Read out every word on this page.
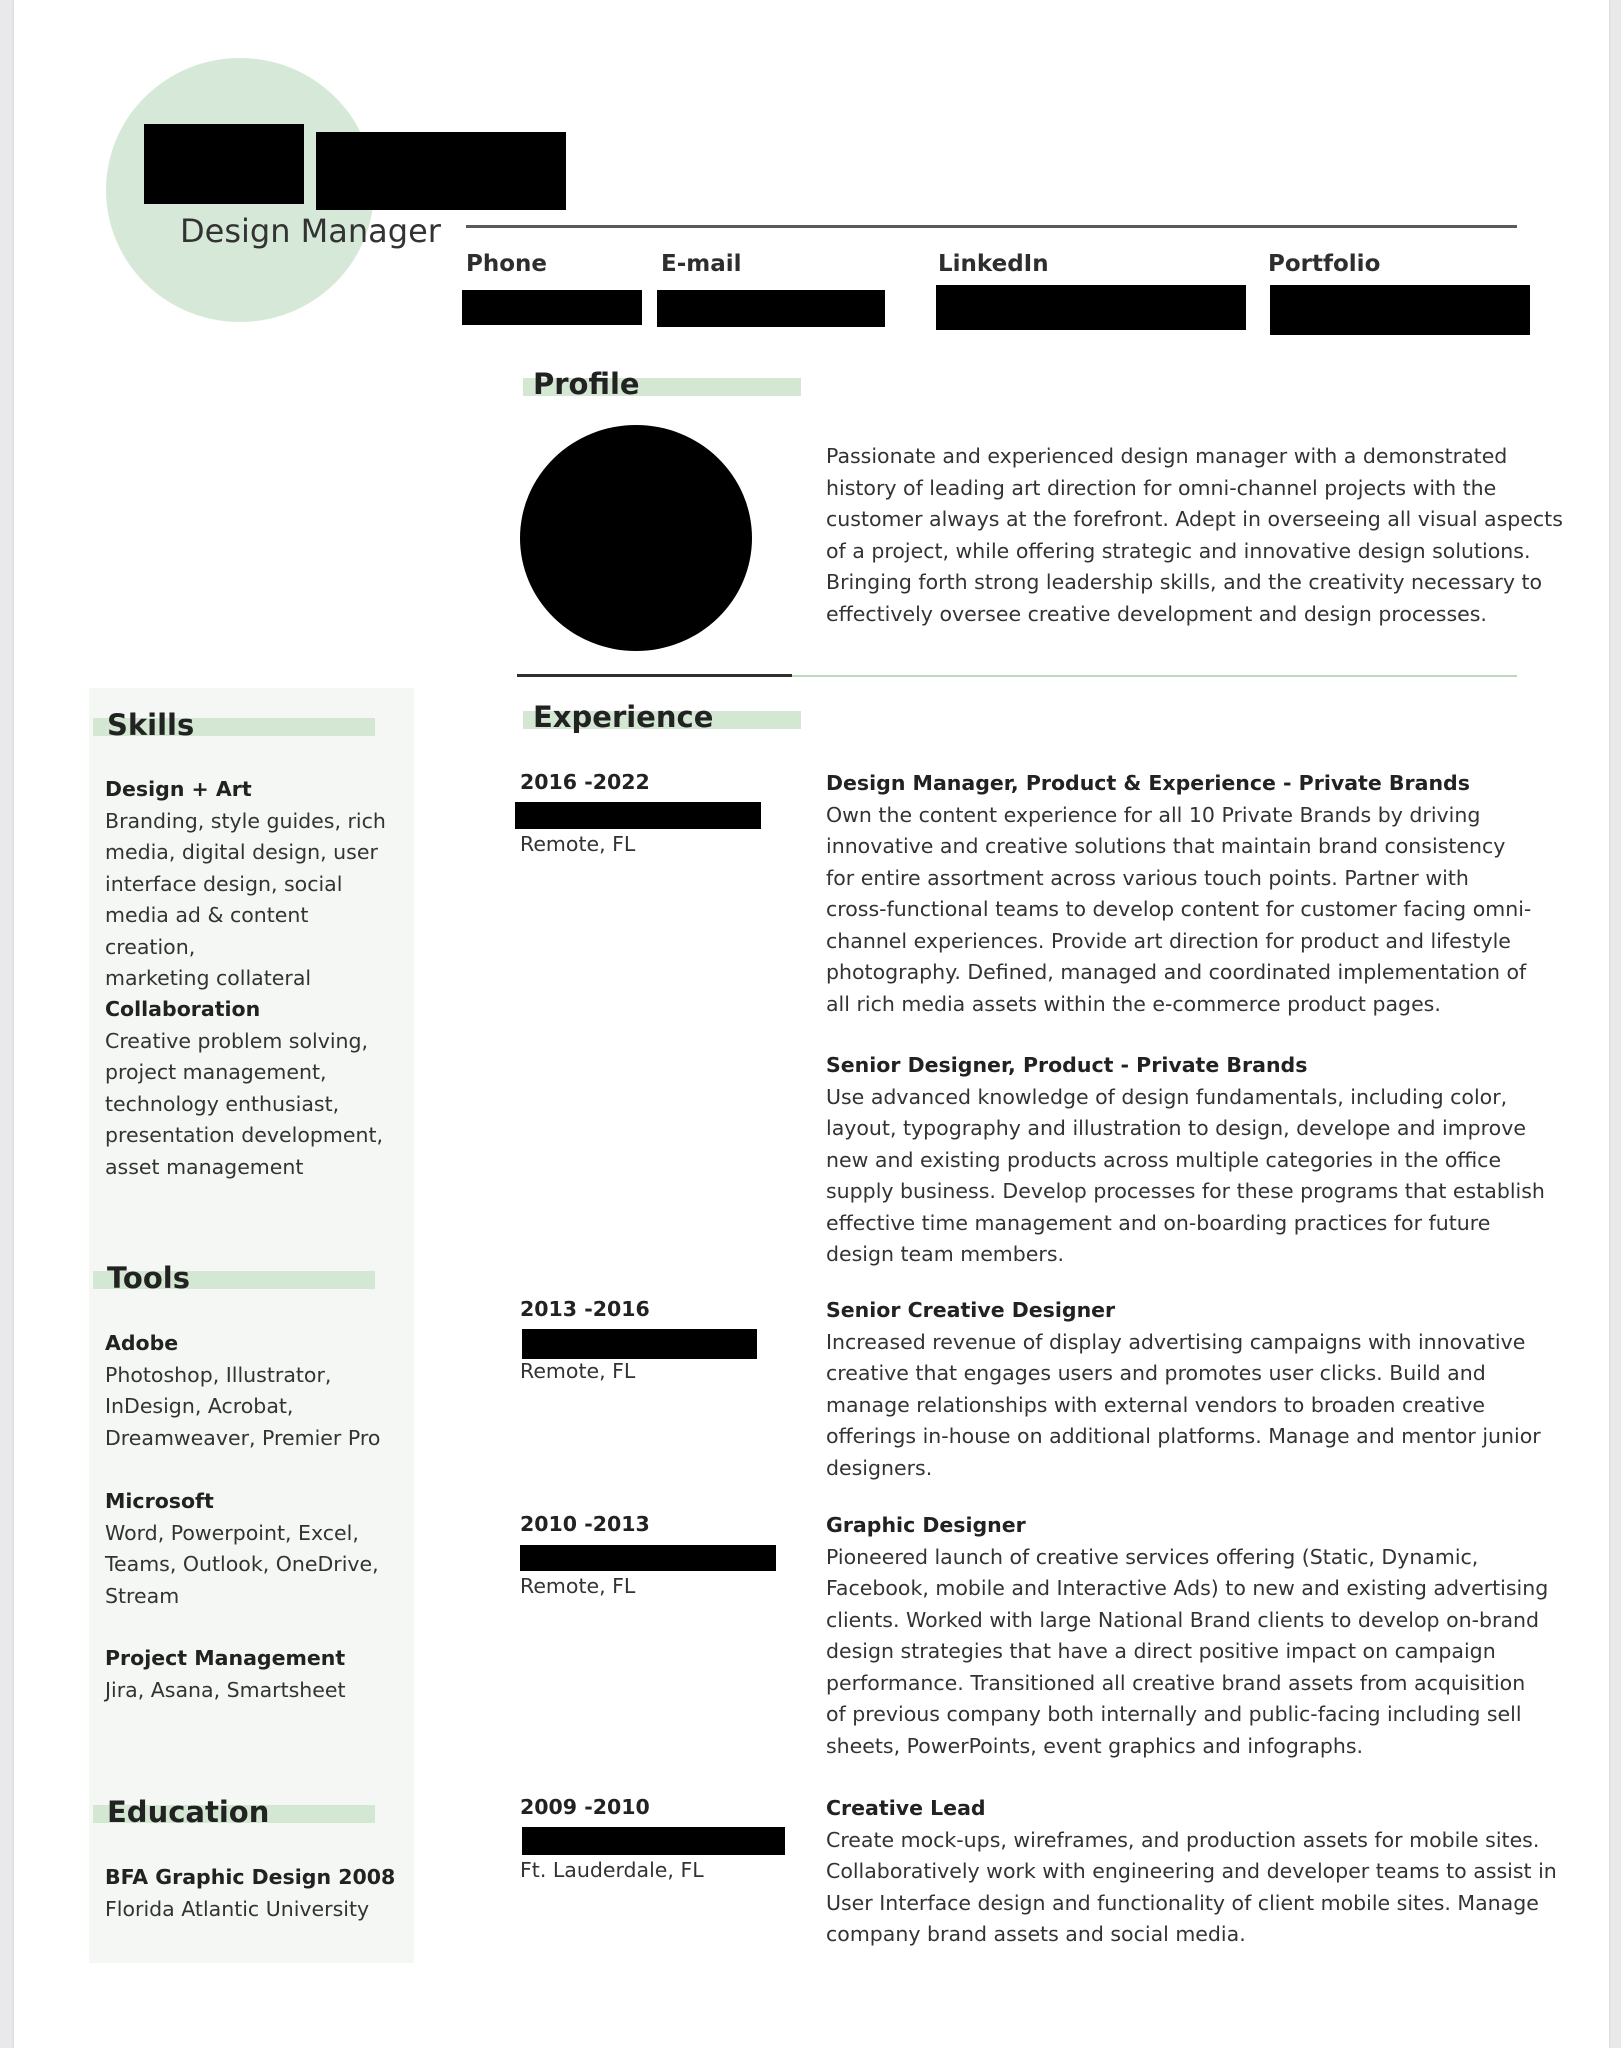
Design Manager
Phone	E-mail	LinkedIn	Portfolio
Skills
Design + Art
Branding, style guides, rich
media, digital design, user
interface design, social
media ad & content creation,
marketing collateral
Collaboration
Creative problem solving,
project management,
technology enthusiast,
presentation development,
asset management
Tools
Adobe
Photoshop, Illustrator,
InDesign, Acrobat,
Dreamweaver, Premier Pro
Microsoft
Word, Powerpoint, Excel,
Teams, Outlook, OneDrive,
Stream
Project Management
Jira, Asana, Smartsheet
Education
BFA Graphic Design 2008
Florida Atlantic University
Profile
Passionate and experienced design manager with a demonstrated
history of leading art direction for omni-channel projects with the
customer always at the forefront. Adept in overseeing all visual aspects
of a project, while offering strategic and innovative design solutions.
Bringing forth strong leadership skills, and the creativity necessary to
effectively oversee creative development and design processes.
Experience
2016 -2022
Remote, FL
Design Manager, Product & Experience - Private Brands
Own the content experience for all 10 Private Brands by driving
innovative and creative solutions that maintain brand consistency
for entire assortment across various touch points. Partner with
cross-functional teams to develop content for customer facing omni-
channel experiences. Provide art direction for product and lifestyle
photography. Defined, managed and coordinated implementation of
all rich media assets within the e-commerce product pages.
Senior Designer, Product - Private Brands
Use advanced knowledge of design fundamentals, including color,
layout, typography and illustration to design, develope and improve
new and existing products across multiple categories in the office
supply business. Develop processes for these programs that establish
effective time management and on-boarding practices for future
design team members.
2013 -2016
Remote, FL
Senior Creative Designer
Increased revenue of display advertising campaigns with innovative
creative that engages users and promotes user clicks. Build and
manage relationships with external vendors to broaden creative
offerings in-house on additional platforms. Manage and mentor junior
designers.
2010 -2013
Remote, FL
Graphic Designer
Pioneered launch of creative services offering (Static, Dynamic,
Facebook, mobile and Interactive Ads) to new and existing advertising
clients. Worked with large National Brand clients to develop on-brand
design strategies that have a direct positive impact on campaign
performance. Transitioned all creative brand assets from acquisition
of previous company both internally and public-facing including sell
sheets, PowerPoints, event graphics and infographs.
2009 -2010
Ft. Lauderdale, FL
Creative Lead
Create mock-ups, wireframes, and production assets for mobile sites.
Collaboratively work with engineering and developer teams to assist in
User Interface design and functionality of client mobile sites. Manage
company brand assets and social media.
